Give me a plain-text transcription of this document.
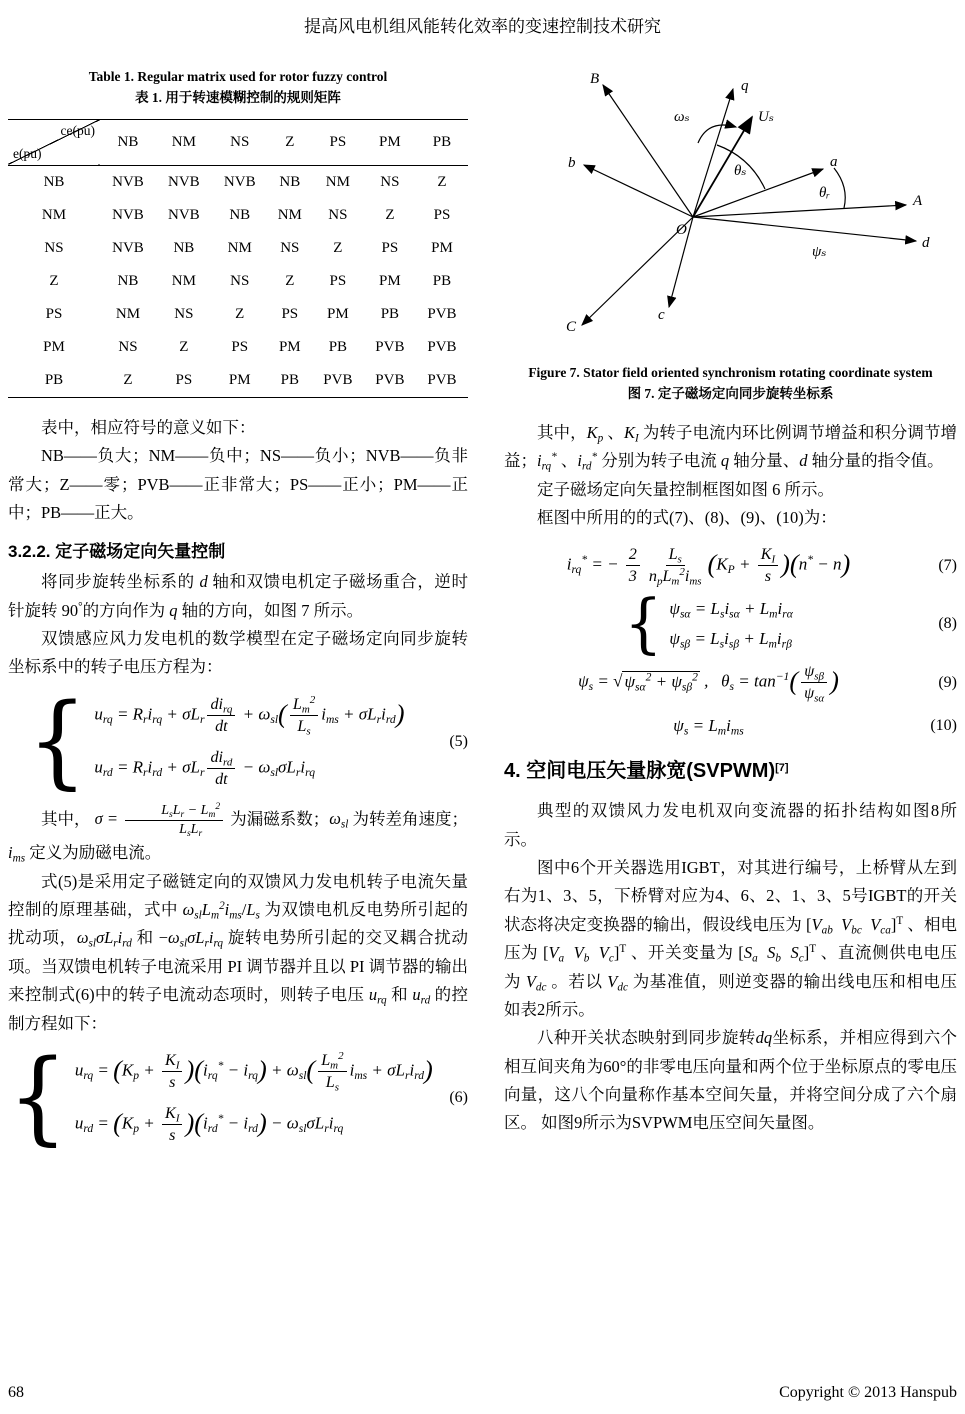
提高风电机组风能转化效率的变速控制技术研究
Table 1. Regular matrix used for rotor fuzzy control
表 1. 用于转速模糊控制的规则矩阵
ce(pu)
e(pu)	NB	NM	NS	Z	PS	PM	PB
NB	NVB	NVB	NVB	NB	NM	NS	Z
NM	NVB	NVB	NB	NM	NS	Z	PS
NS	NVB	NB	NM	NS	Z	PS	PM
Z	NB	NM	NS	Z	PS	PM	PB
PS	NM	NS	Z	PS	PM	PB	PVB
PM	NS	Z	PS	PM	PB	PVB	PVB
PB	Z	PS	PM	PB	PVB	PVB	PVB

表中，相应符号的意义如下：

NB——负大；NM——负中；NS——负小；NVB——负非常大；Z——零；PVB——正非常大；PS——正小；PM——正中；PB——正大。

3.2.2. 定子磁场定向矢量控制

将同步旋转坐标系的 d 轴和双馈电机定子磁场重合，逆时针旋转 90°的方向作为 q 轴的方向，如图 7 所示。

双馈感应风力发电机的数学模型在定子磁场定向同步旋转坐标系中的转子电压方程为：

$u_{rq} = R_ri_{rq} + \sigma L_r \frac{di_{rq}}{dt} + \omega_{sl}( \frac{L_m^2}{L_s} i_{ms} + \sigma L_ri_{rd})$
$u_{rd} = R_ri_{rd} + \sigma L_r \frac{di_{rd}}{dt} - \omega_{sl}\sigma L_ri_{rq}$
(5)

其中， $\sigma = \frac{L_sL_r - L_m^2}{L_sL_r}$ 为漏磁系数；$\omega_{sl}$ 为转差角速度；$i_{ms}$ 定义为励磁电流。

式(5)是采用定子磁链定向的双馈风力发电机转子电流矢量控制的原理基础，式中 $\omega_{sl}L_m^2i_{ms}/L_s$ 为双馈电机反电势所引起的扰动项，$\omega_{sl}\sigma L_ri_{rd}$ 和 $-\omega_{sl}\sigma L_ri_{rq}$ 旋转电势所引起的交叉耦合扰动项。当双馈电机转子电流采用 PI 调节器并且以 PI 调节器的输出来控制式(6)中的转子电流动态项时，则转子电压 $u_{rq}$ 和 $u_{rd}$ 的控制方程如下：

$u_{rq} = (K_p + \frac{K_I}{s} )(i_{rq}^* - i_{rq}) + \omega_{sl}( \frac{L_m^2}{L_s} i_{ms} + \sigma L_ri_{rd})$
$u_{rd} = (K_p + \frac{K_I}{s} )(i_{rd}^* - i_{rd}) - \omega_{sl}\sigma L_ri_{rq}$
(6)
B	q
ωₛ	Uₛ
b	θₛ
a
θᵣ	A
O
ψₛ
d
c
C
Figure 7. Stator field oriented synchronism rotating coordinate system
图 7. 定子磁场定向同步旋转坐标系

其中，$K_p$ 、$K_I$ 为转子电流内环比例调节增益和积分调节增益；$i_{rq}^*$ 、$i_{rd}^*$ 分别为转子电流 q 轴分量、d 轴分量的指令值。

定子磁场定向矢量控制框图如图 6 所示。

框图中所用的的式(7)、(8)、(9)、(10)为：

$i_{rq}^*$ = − $\frac{2}{3} \frac{L_s}{n_pL_m^2i_{ms}} (K_P + \frac{K_I}{s} )(n^* - n)$	(7)
$\psi_{s\alpha} = L_si_{s\alpha} + L_mi_{r\alpha}$
$\psi_{s\beta} = L_si_{s\beta} + L_mi_{r\beta}$
(8)
$\psi_s$ = √ $\psi_{s\alpha}^2 + \psi_{s\beta}^2$ ,   $\theta_s = \tan^{-1}( \frac{\psi_{s\beta}}{\psi_{s\alpha}}$ )	(9)
$\psi_s = L_mi_{ms}$	(10)
4. 空间电压矢量脉宽(SVPWM)[7]

典型的双馈风力发电机双向变流器的拓扑结构如图8所示。

图中6个开关器选用IGBT，对其进行编号，上桥臂从左到右为1、3、5，下桥臂对应为4、6、2、1、3、5号IGBT的开关状态将决定变换器的输出，假设线电压为 [$V_{ab}$ $V_{bc}$ $V_{ca}]^T$ 、相电压为 [$V_a$ $V_b$ $V_c]^T$ 、开关变量为 [$S_a$ $S_b$ $S_c]^T$ 、直流侧供电电压为 $V_{dc}$ 。若以 $V_{dc}$ 为基准值，则逆变器的输出线电压和相电压如表2所示。

八种开关状态映射到同步旋转dq坐标系，并相应得到六个相互间夹角为60°的非零电压向量和两个位于坐标原点的零电压向量，这八个向量称作基本空间矢量，并将空间分成了六个扇区。 如图9所示为SVPWM电压空间矢量图。

68	Copyright © 2013 Hanspub
